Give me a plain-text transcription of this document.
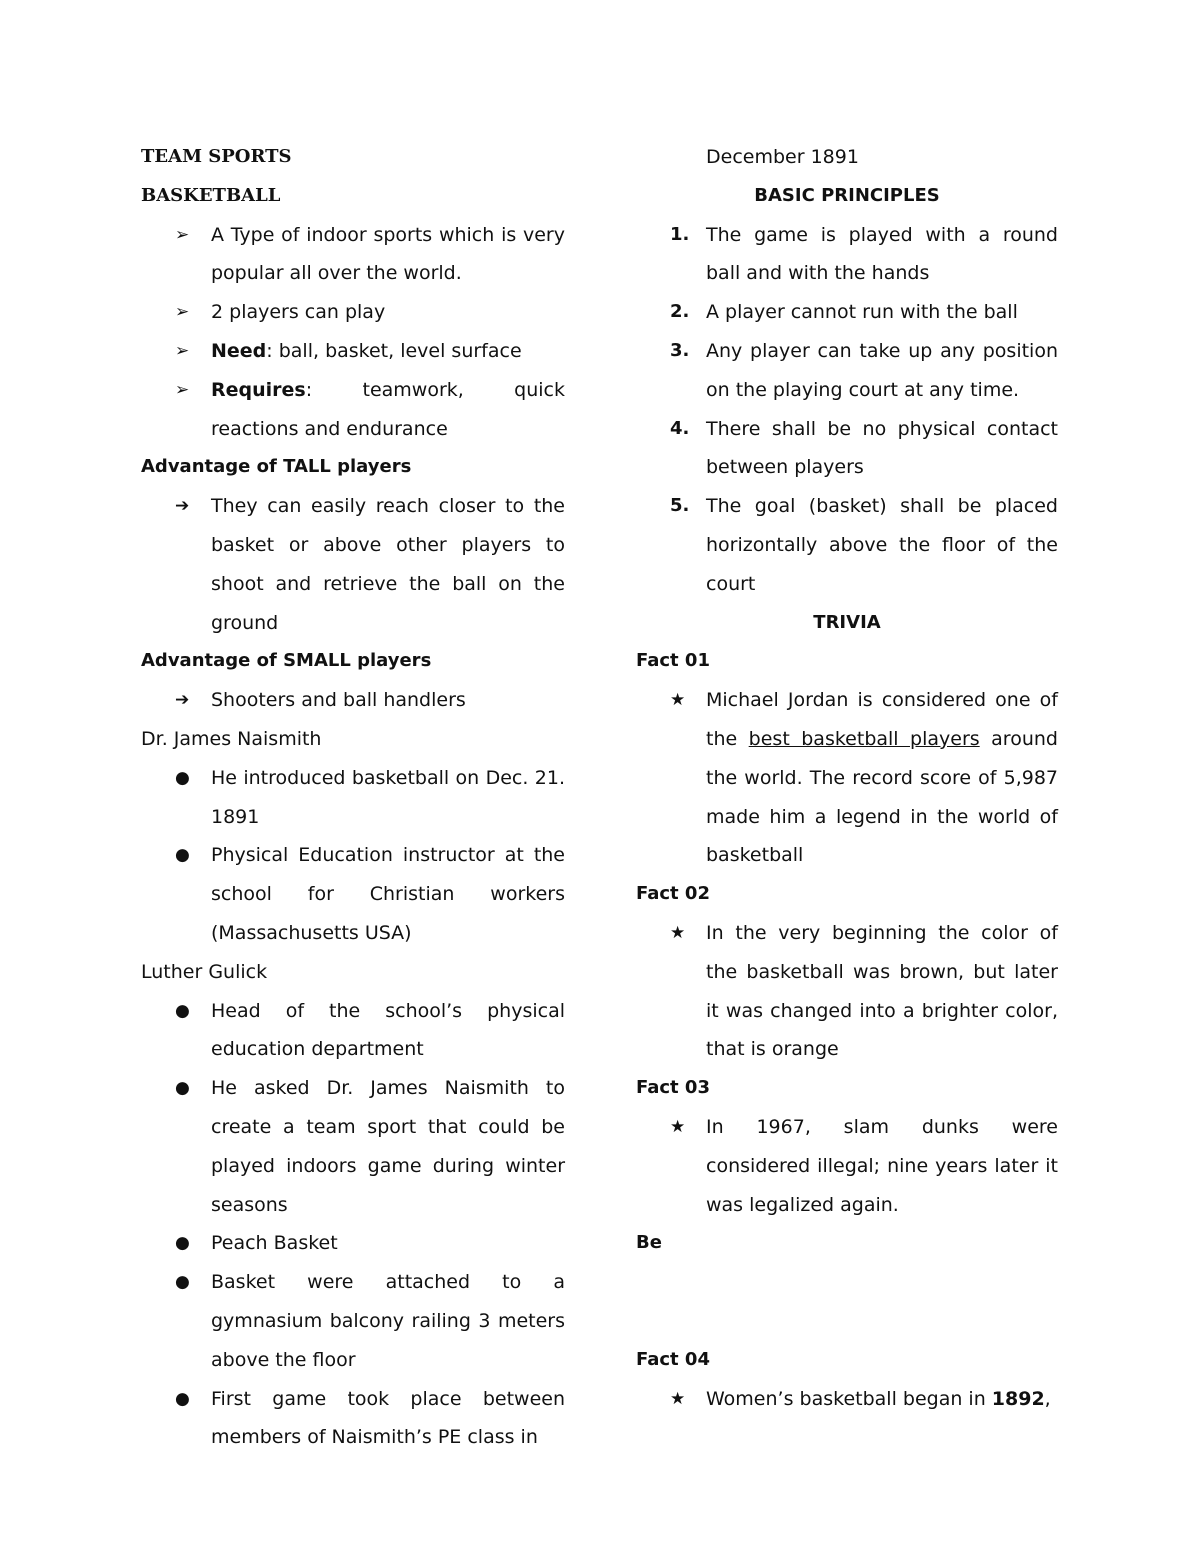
TEAM SPORTS
BASKETBALL
➢	A Type of indoor sports which is very popular all over the world.
➢	2 players can play
➢	Need: ball, basket, level surface
➢	Requires: teamwork, quick reactions and endurance
Advantage of TALL players
➔	They can easily reach closer to the basket or above other players to shoot and retrieve the ball on the ground
Advantage of SMALL players
➔	Shooters and ball handlers
Dr. James Naismith
●	He introduced basketball on Dec. 21. 1891
●	Physical Education instructor at the school for Christian workers (Massachusetts USA)
Luther Gulick
●	Head of the school’s physical education department
●	He asked Dr. James Naismith to create a team sport that could be played indoors game during winter seasons
●	Peach Basket
●	Basket were attached to a gymnasium balcony railing 3 meters above the floor
●	First game took place between members of Naismith’s PE class in
December 1891
BASIC PRINCIPLES
1. The game is played with a round ball and with the hands
2. A player cannot run with the ball
3. Any player can take up any position on the playing court at any time.
4. There shall be no physical contact between players
5. The goal (basket) shall be placed horizontally above the floor of the court
TRIVIA
Fact 01
★	Michael Jordan is considered one of the best basketball players around the world. The record score of 5,987 made him a legend in the world of basketball
Fact 02
★	In the very beginning the color of the basketball was brown, but later it was changed into a brighter color, that is orange
Fact 03
★	In 1967, slam dunks were considered illegal; nine years later it was legalized again.
Be
Fact 04
★	Women’s basketball began in 1892,
